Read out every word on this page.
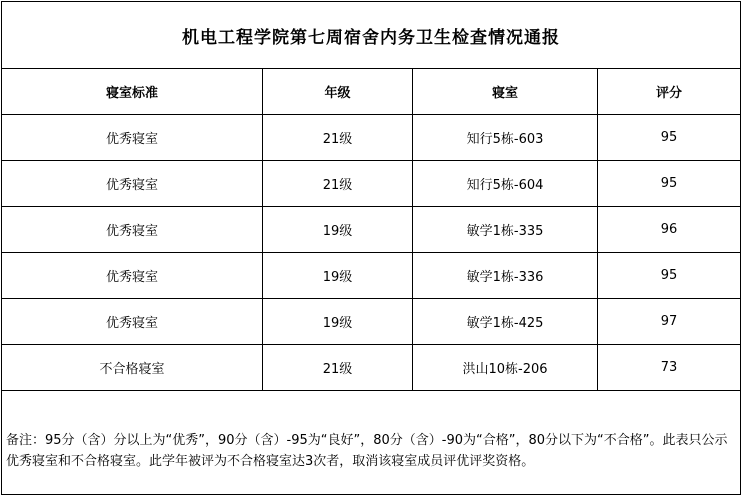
机电工程学院第七周宿舍内务卫生检查情况通报			
寝室标准	年级	寝室	评分
优秀寝室	21级	知行5栋-603	95
优秀寝室	21级	知行5栋-604	95
优秀寝室	19级	敏学1栋-335	96
优秀寝室	19级	敏学1栋-336	95
优秀寝室	19级	敏学1栋-425	97
不合格寝室	21级	洪山10栋-206	73

备注：95分（含）分以上为“优秀”，90分（含）-95为“良好”，80分（含）-90为“合格”，80分以下为“不合格”。此表只公示优秀寝室和不合格寝室。此学年被评为不合格寝室达3次者，取消该寝室成员评优评奖资格。			
